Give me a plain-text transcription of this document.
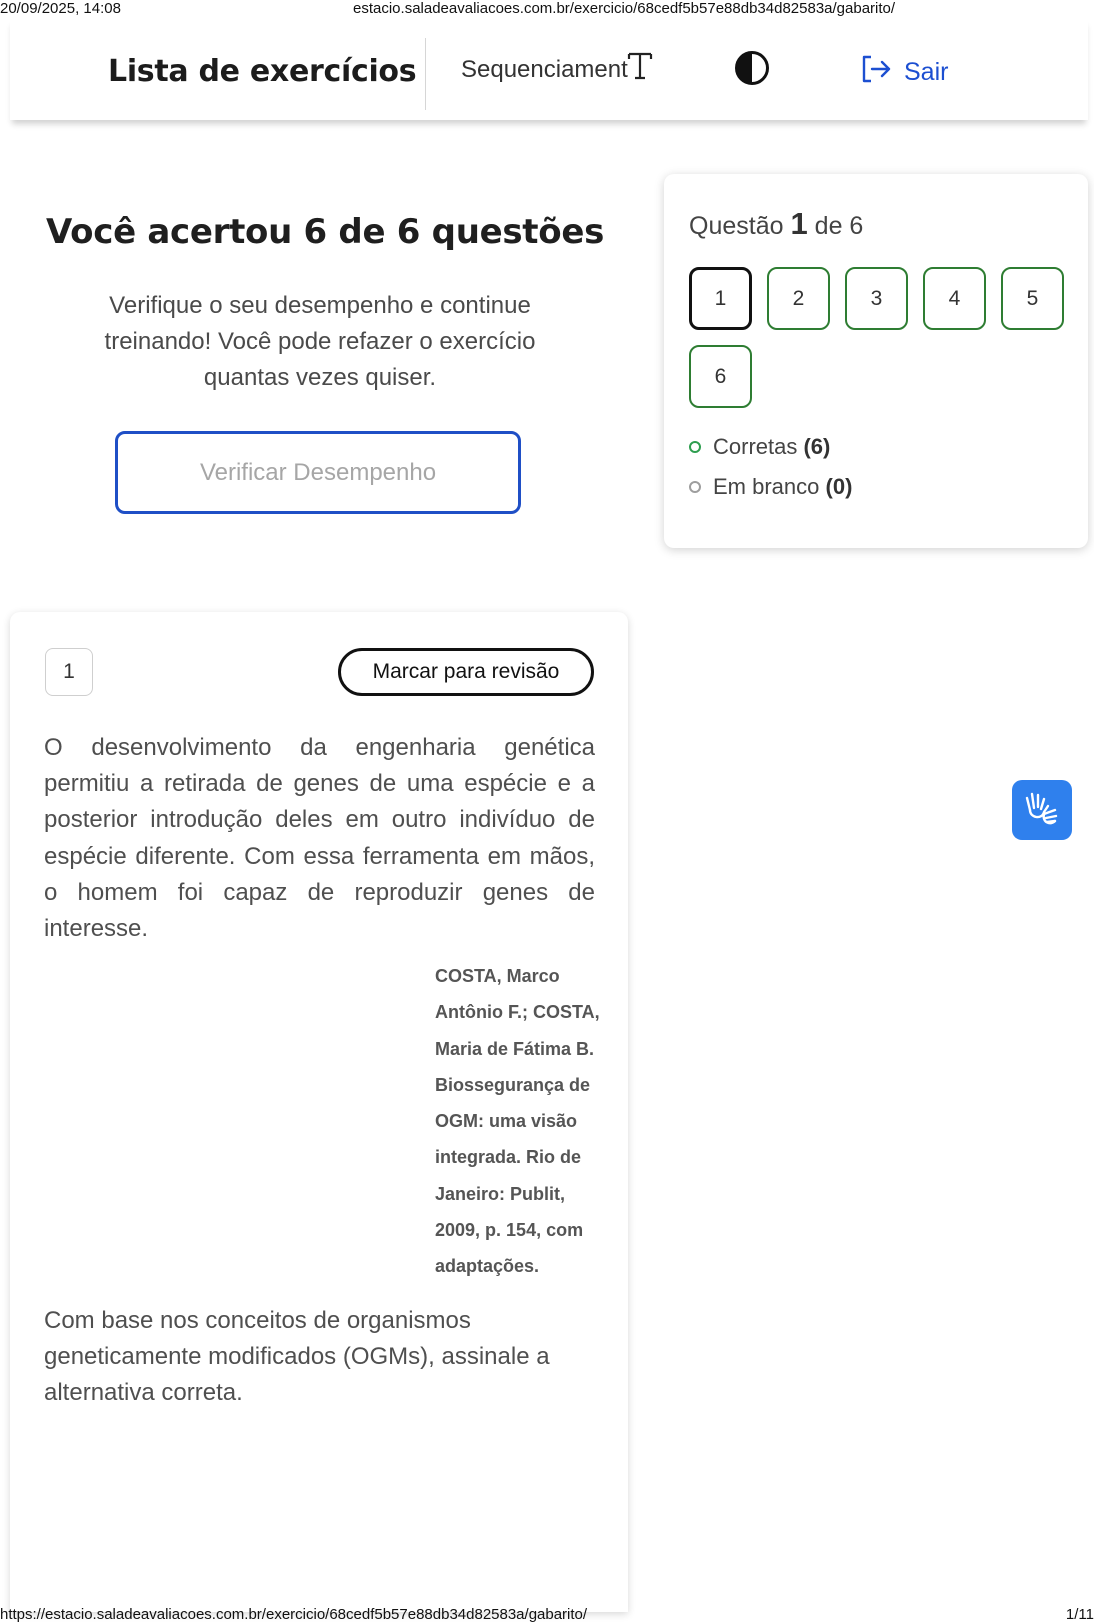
20/09/2025, 14:08	estacio.saladeavaliacoes.com.br/exercicio/68cedf5b57e88db34d82583a/gabarito/
Lista de exercícios Sequenciament	Sair
Você acertou 6 de 6 questões

Verifique o seu desempenho e continue treinando! Você pode refazer o exercício quantas vezes quiser.

Verificar Desempenho
Questão 1 de 6
1	2	3	4	5
6
Corretas (6)
Em branco (0)
1	Marcar para revisão

O desenvolvimento da engenharia genética permitiu a retirada de genes de uma espécie e a posterior introdução deles em outro indivíduo de espécie diferente. Com essa ferramenta em mãos, o homem foi capaz de reproduzir genes de interesse.

COSTA, Marco Antônio F.; COSTA, Maria de Fátima B. Biossegurança de OGM: uma visão integrada. Rio de Janeiro: Publit, 2009, p. 154, com adaptações.

Com base nos conceitos de organismos geneticamente modificados (OGMs), assinale a alternativa correta.

https://estacio.saladeavaliacoes.com.br/exercicio/68cedf5b57e88db34d82583a/gabarito/	1/11
